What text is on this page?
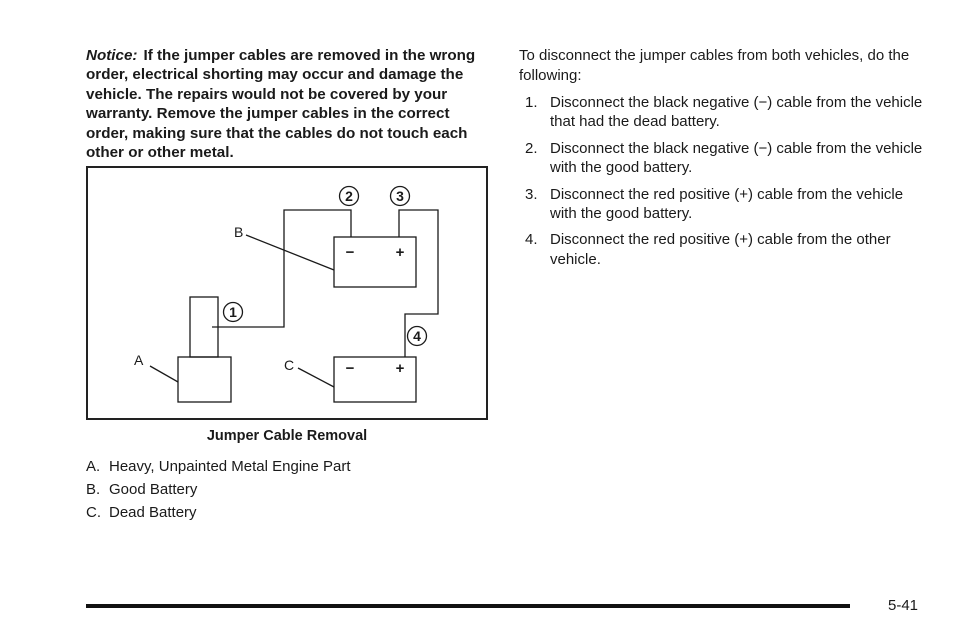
Notice: If the jumper cables are removed in the wrong order, electrical shorting may occur and damage the vehicle. The repairs would not be covered by your warranty. Remove the jumper cables in the correct order, making sure that the cables do not touch each other or other metal.

A
B
C
1
2	3
4
−	+
−	+
Jumper Cable Removal
A. Heavy, Unpainted Metal Engine Part
B. Good Battery
C. Dead Battery

To disconnect the jumper cables from both vehicles, do the following:

1. Disconnect the black negative (−) cable from the vehicle that had the dead battery.
2. Disconnect the black negative (−) cable from the vehicle with the good battery.
3. Disconnect the red positive (+) cable from the vehicle with the good battery.
4. Disconnect the red positive (+) cable from the other vehicle.
5-41
